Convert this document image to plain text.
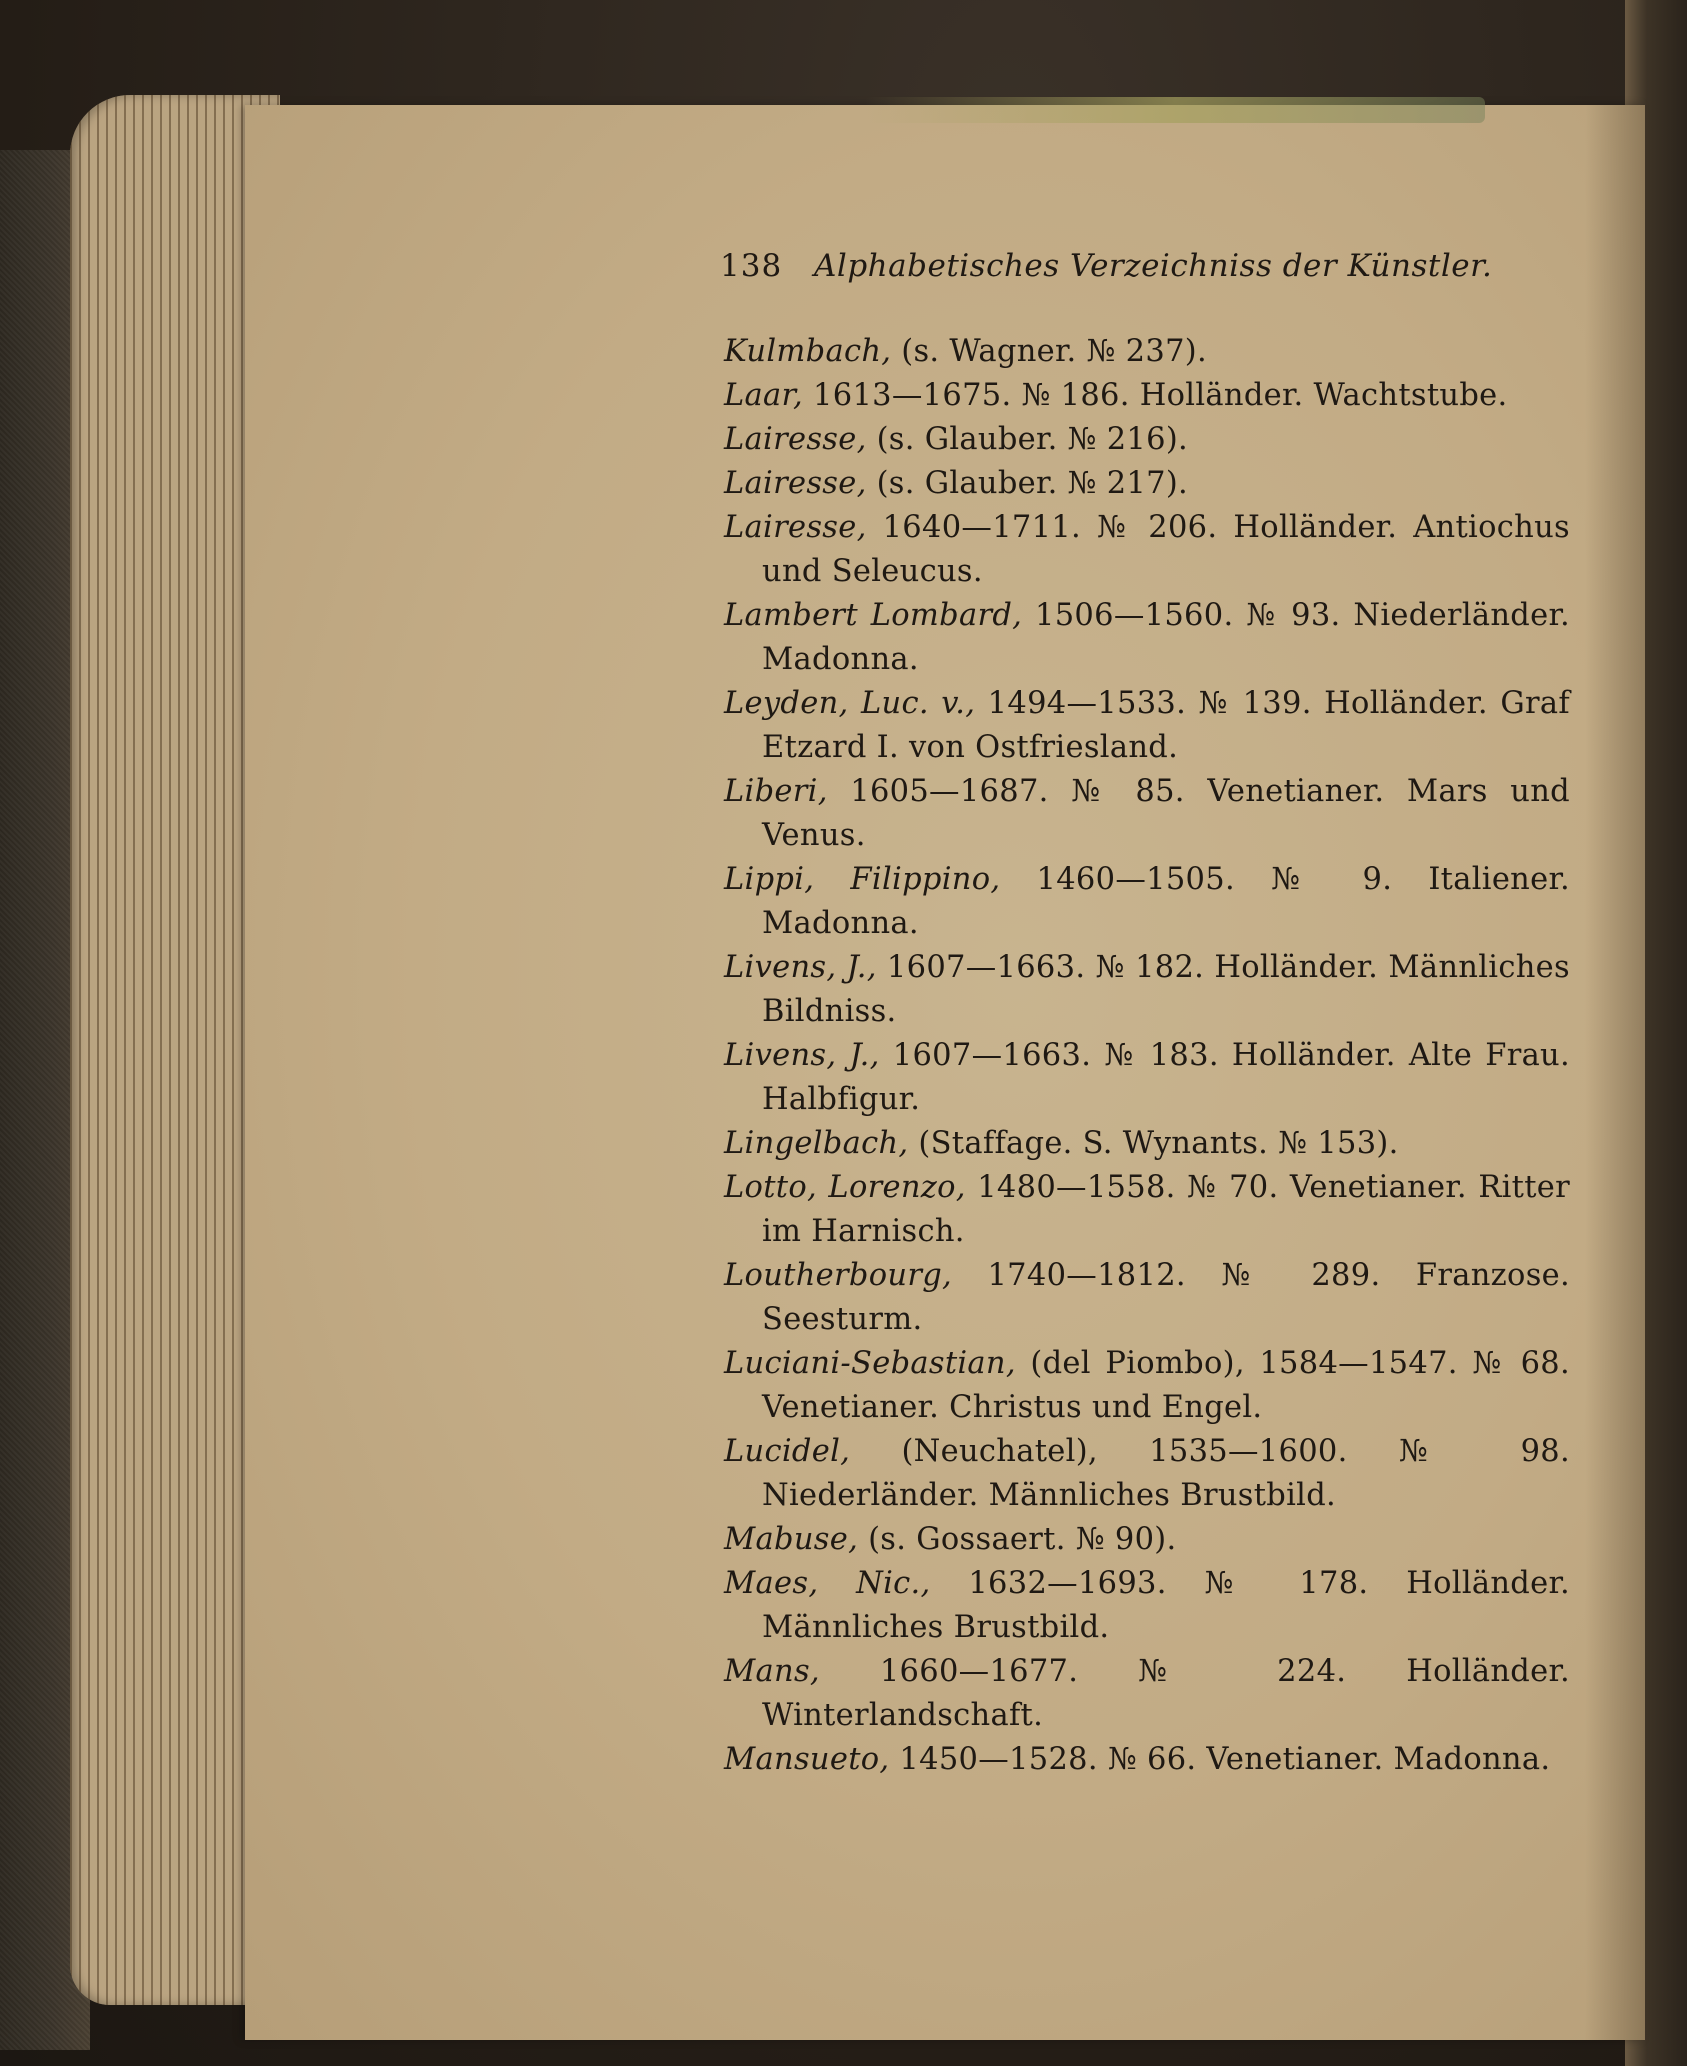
138 Alphabetisches Verzeichniss der Künstler.

Kulmbach, (s. Wagner. № 237).

Laar, 1613—1675. № 186. Holländer. Wachtstube.

Lairesse, (s. Glauber. № 216).

Lairesse, (s. Glauber. № 217).

Lairesse, 1640—1711. № 206. Holländer. Antiochus und Seleucus.

Lambert Lombard, 1506—1560. № 93. Niederländer. Madonna.

Leyden, Luc. v., 1494—1533. № 139. Holländer. Graf Etzard I. von Ostfriesland.

Liberi, 1605—1687. № 85. Venetianer. Mars und Venus.

Lippi, Filippino, 1460—1505. № 9. Italiener. Madonna.

Livens, J., 1607—1663. № 182. Holländer. Männliches Bildniss.

Livens, J., 1607—1663. № 183. Holländer. Alte Frau. Halbfigur.

Lingelbach, (Staffage. S. Wynants. № 153).

Lotto, Lorenzo, 1480—1558. № 70. Venetianer. Ritter im Harnisch.

Loutherbourg, 1740—1812. № 289. Franzose. Seesturm.

Luciani-Sebastian, (del Piombo), 1584—1547. № 68. Venetianer. Christus und Engel.

Lucidel, (Neuchatel), 1535—1600. № 98. Niederländer. Männliches Brustbild.

Mabuse, (s. Gossaert. № 90).

Maes, Nic., 1632—1693. № 178. Holländer. Männliches Brustbild.

Mans, 1660—1677. № 224. Holländer. Winterlandschaft.

Mansueto, 1450—1528. № 66. Venetianer. Madonna.
